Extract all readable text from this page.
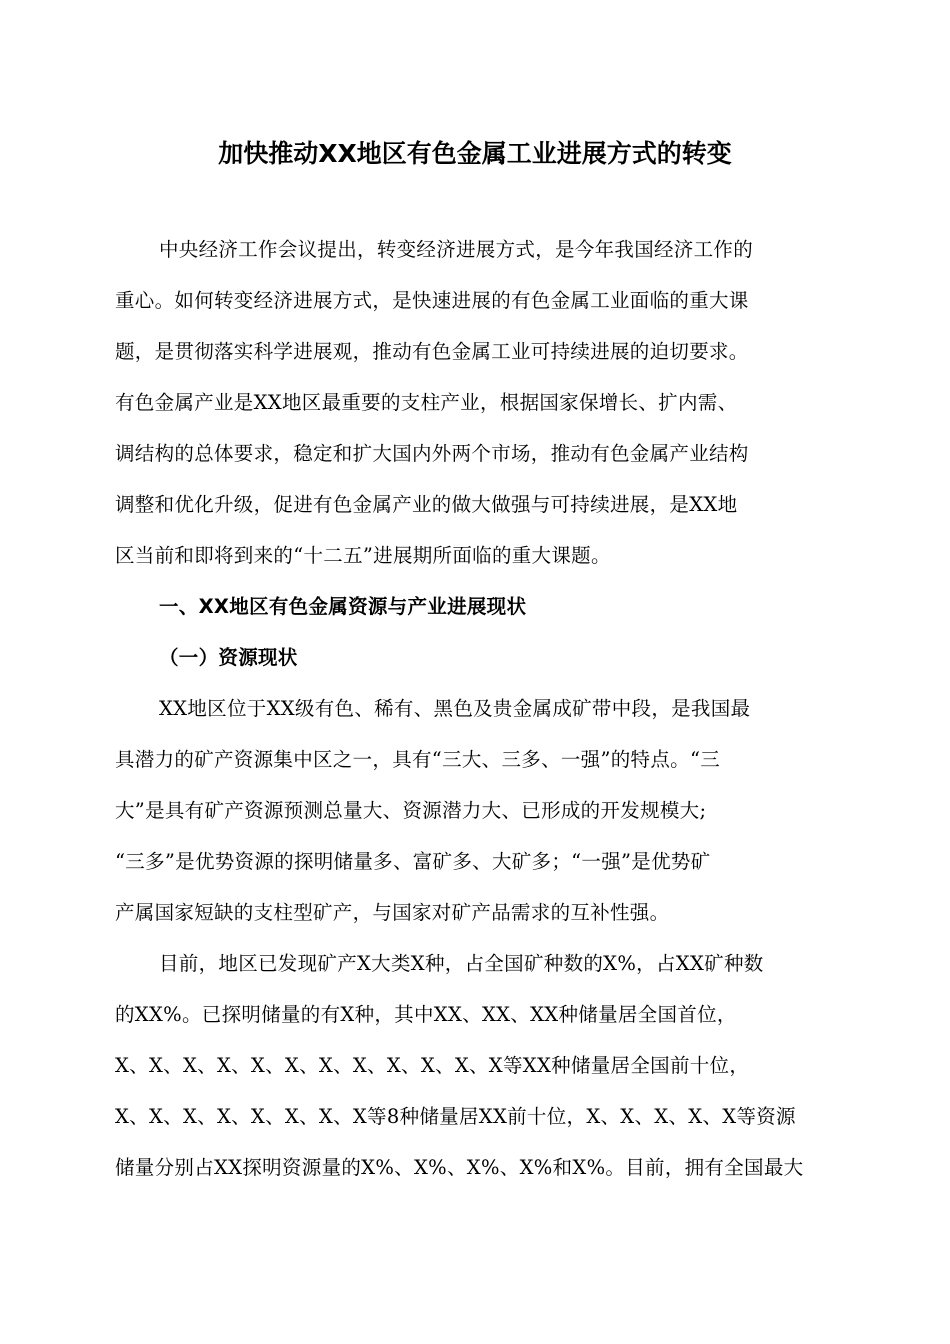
加快推动XX地区有色金属工业进展方式的转变
中央经济工作会议提出，转变经济进展方式，是今年我国经济工作的
重心。如何转变经济进展方式，是快速进展的有色金属工业面临的重大课
题，是贯彻落实科学进展观，推动有色金属工业可持续进展的迫切要求。
有色金属产业是XX地区最重要的支柱产业，根据国家保增长、扩内需、
调结构的总体要求，稳定和扩大国内外两个市场，推动有色金属产业结构
调整和优化升级，促进有色金属产业的做大做强与可持续进展，是XX地
区当前和即将到来的“十二五”进展期所面临的重大课题。
一、XX地区有色金属资源与产业进展现状
（一）资源现状
XX地区位于XX级有色、稀有、黑色及贵金属成矿带中段，是我国最
具潜力的矿产资源集中区之一，具有“三大、三多、一强”的特点。“三
大”是具有矿产资源预测总量大、资源潜力大、已形成的开发规模大;
“三多”是优势资源的探明储量多、富矿多、大矿多；“一强”是优势矿
产属国家短缺的支柱型矿产，与国家对矿产品需求的互补性强。
目前，地区已发现矿产X大类X种，占全国矿种数的X%，占XX矿种数
的XX%。已探明储量的有X种，其中XX、XX、XX种储量居全国首位，
X、X、X、X、X、X、X、X、X、X、X、X等XX种储量居全国前十位，
X、X、X、X、X、X、X、X等8种储量居XX前十位，X、X、X、X、X等资源
储量分别占XX探明资源量的X%、X%、X%、X%和X%。目前，拥有全国最大
